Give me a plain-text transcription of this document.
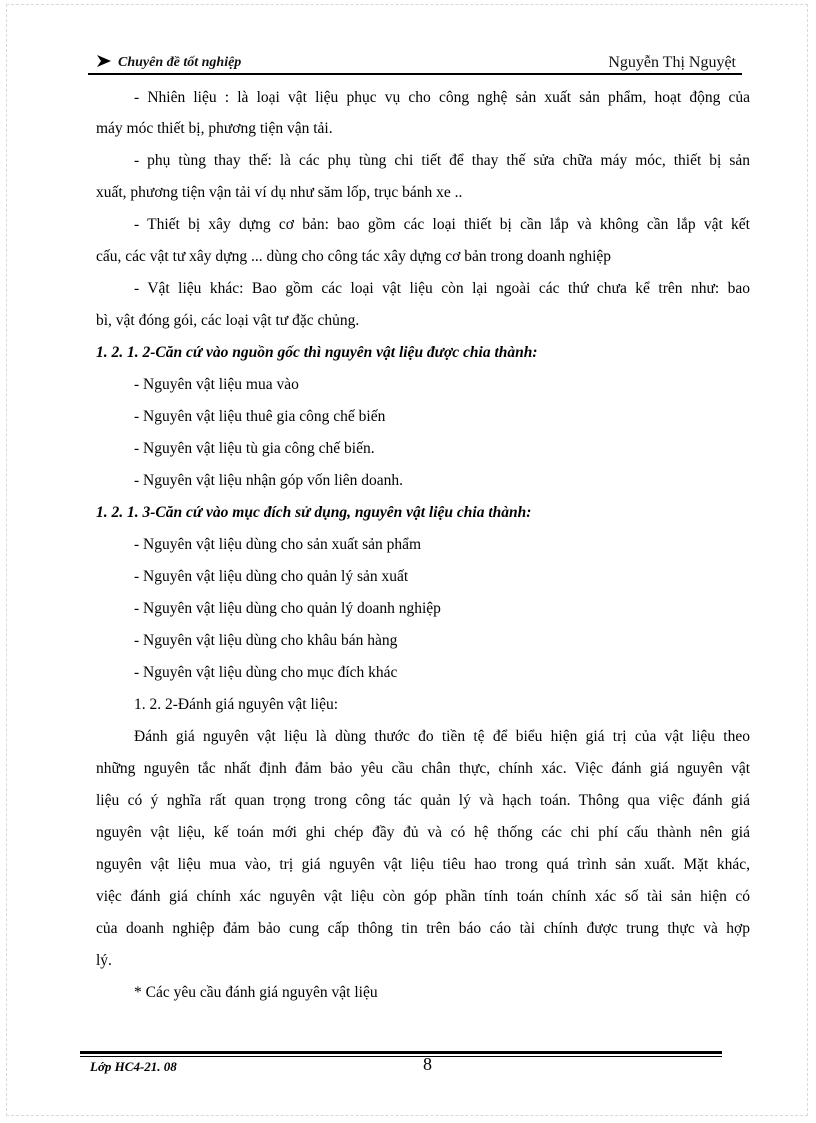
Chuyên đề tốt nghiệp	Nguyễn Thị Nguyệt
- Nhiên liệu : là loại vật liệu phục vụ cho công nghệ sản xuất sản phẩm, hoạt động của
máy móc thiết bị, phương tiện vận tải.
- phụ tùng thay thế: là các phụ tùng chi tiết để thay thế sửa chữa máy móc, thiết bị sản
xuất, phương tiện vận tải ví dụ như săm lốp, trục bánh xe ..
- Thiết bị xây dựng cơ bản: bao gồm các loại thiết bị cần lắp và không cần lắp vật kết
cấu, các vật tư xây dựng ... dùng cho công tác xây dựng cơ bản trong doanh nghiệp
- Vật liệu khác: Bao gồm các loại vật liệu còn lại ngoài các thứ chưa kể trên như: bao
bì, vật đóng gói, các loại vật tư đặc chủng.
1. 2. 1. 2-Căn cứ vào nguồn gốc thì nguyên vật liệu được chia thành:
- Nguyên vật liệu mua vào
- Nguyên vật liệu thuê gia công chế biến
- Nguyên vật liệu tù gia công chế biến.
- Nguyên vật liệu nhận góp vốn liên doanh.
1. 2. 1. 3-Căn cứ vào mục đích sử dụng, nguyên vật liệu chia thành:
- Nguyên vật liệu dùng cho sản xuất sản phẩm
- Nguyên vật liệu dùng cho quản lý sản xuất
- Nguyên vật liệu dùng cho quản lý doanh nghiệp
- Nguyên vật liệu dùng cho khâu bán hàng
- Nguyên vật liệu dùng cho mục đích khác
1. 2. 2-Đánh giá nguyên vật liệu:
Đánh giá nguyên vật liệu là dùng thước đo tiền tệ để biểu hiện giá trị của vật liệu theo
những nguyên tắc nhất định đảm bảo yêu cầu chân thực, chính xác. Việc đánh giá nguyên vật
liệu có ý nghĩa rất quan trọng trong công tác quản lý và hạch toán. Thông qua việc đánh giá
nguyên vật liệu, kế toán mới ghi chép đầy đủ và có hệ thống các chi phí cấu thành nên giá
nguyên vật liệu mua vào, trị giá nguyên vật liệu tiêu hao trong quá trình sản xuất. Mặt khác,
việc đánh giá chính xác nguyên vật liệu còn góp phần tính toán chính xác số tài sản hiện có
của doanh nghiệp đảm bảo cung cấp thông tin trên báo cáo tài chính được trung thực và hợp
lý.
* Các yêu cầu đánh giá nguyên vật liệu
Lớp HC4-21. 08	8
